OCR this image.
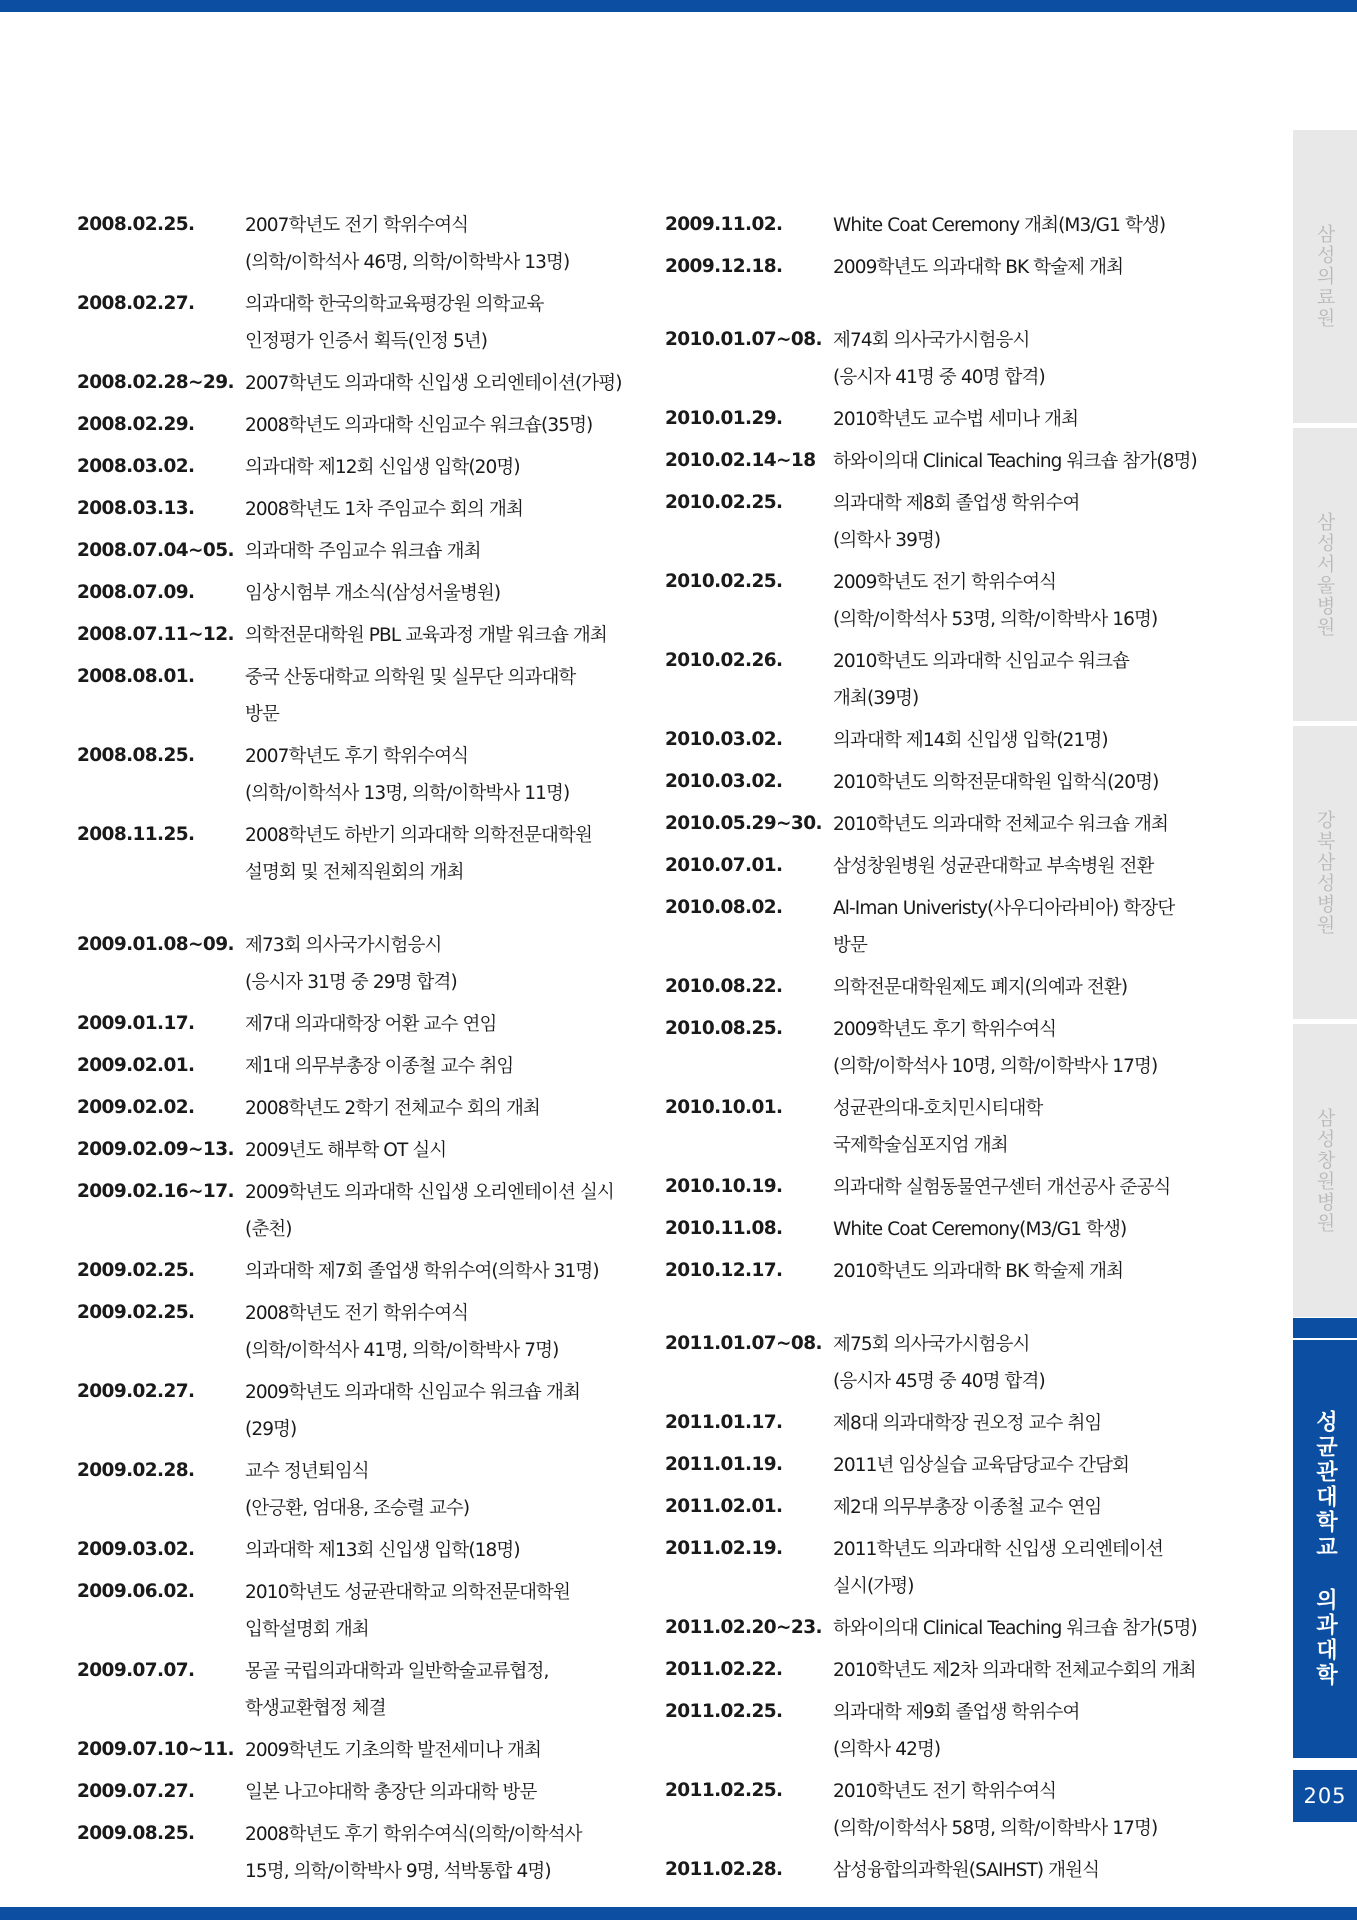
2008.02.25.	2007학년도 전기 학위수여식
(의학/이학석사 46명, 의학/이학박사 13명)
2008.02.27.	의과대학 한국의학교육평강원 의학교육
인정평가 인증서 획득(인정 5년)
2008.02.28~29. 2007학년도 의과대학 신입생 오리엔테이션(가평)
2008.02.29.	2008학년도 의과대학 신임교수 워크숍(35명)
2008.03.02.	의과대학 제12회 신입생 입학(20명)
2008.03.13.	2008학년도 1차 주임교수 회의 개최
2008.07.04~05. 의과대학 주임교수 워크숍 개최
2008.07.09.	임상시험부 개소식(삼성서울병원)
2008.07.11~12. 의학전문대학원 PBL 교육과정 개발 워크숍 개최
2008.08.01.	중국 산동대학교 의학원 및 실무단 의과대학
방문
2008.08.25.	2007학년도 후기 학위수여식
(의학/이학석사 13명, 의학/이학박사 11명)
2008.11.25.	2008학년도 하반기 의과대학 의학전문대학원
설명회 및 전체직원회의 개최
2009.01.08~09. 제73회 의사국가시험응시
(응시자 31명 중 29명 합격)
2009.01.17.	제7대 의과대학장 어환 교수 연임
2009.02.01.	제1대 의무부총장 이종철 교수 취임
2009.02.02.	2008학년도 2학기 전체교수 회의 개최
2009.02.09~13. 2009년도 해부학 OT 실시
2009.02.16~17. 2009학년도 의과대학 신입생 오리엔테이션 실시
(춘천)
2009.02.25.	의과대학 제7회 졸업생 학위수여(의학사 31명)
2009.02.25.	2008학년도 전기 학위수여식
(의학/이학석사 41명, 의학/이학박사 7명)
2009.02.27.	2009학년도 의과대학 신임교수 워크숍 개최
(29명)
2009.02.28.	교수 정년퇴임식
(안긍환, 엄대용, 조승렬 교수)
2009.03.02.	의과대학 제13회 신입생 입학(18명)
2009.06.02.	2010학년도 성균관대학교 의학전문대학원
입학설명회 개최
2009.07.07.	몽골 국립의과대학과 일반학술교류협정,
학생교환협정 체결
2009.07.10~11. 2009학년도 기초의학 발전세미나 개최
2009.07.27.	일본 나고야대학 총장단 의과대학 방문
2009.08.25.	2008학년도 후기 학위수여식(의학/이학석사
15명, 의학/이학박사 9명, 석박통합 4명)
2009.11.02.	White Coat Ceremony 개최(M3/G1 학생)
2009.12.18.	2009학년도 의과대학 BK 학술제 개최
2010.01.07~08. 제74회 의사국가시험응시
(응시자 41명 중 40명 합격)
2010.01.29.	2010학년도 교수법 세미나 개최
2010.02.14~18 하와이의대 Clinical Teaching 워크숍 참가(8명)
2010.02.25.	의과대학 제8회 졸업생 학위수여
(의학사 39명)
2010.02.25.	2009학년도 전기 학위수여식
(의학/이학석사 53명, 의학/이학박사 16명)
2010.02.26.	2010학년도 의과대학 신임교수 워크숍
개최(39명)
2010.03.02.	의과대학 제14회 신입생 입학(21명)
2010.03.02.	2010학년도 의학전문대학원 입학식(20명)
2010.05.29~30. 2010학년도 의과대학 전체교수 워크숍 개최
2010.07.01.	삼성창원병원 성균관대학교 부속병원 전환
2010.08.02.	Al-Iman Univeristy(사우디아라비아) 학장단
방문
2010.08.22.	의학전문대학원제도 폐지(의예과 전환)
2010.08.25.	2009학년도 후기 학위수여식
(의학/이학석사 10명, 의학/이학박사 17명)
2010.10.01.	성균관의대-호치민시티대학
국제학술심포지엄 개최
2010.10.19.	의과대학 실험동물연구센터 개선공사 준공식
2010.11.08.	White Coat Ceremony(M3/G1 학생)
2010.12.17.	2010학년도 의과대학 BK 학술제 개최
2011.01.07~08. 제75회 의사국가시험응시
(응시자 45명 중 40명 합격)
2011.01.17.	제8대 의과대학장 권오정 교수 취임
2011.01.19.	2011년 임상실습 교육담당교수 간담회
2011.02.01.	제2대 의무부총장 이종철 교수 연임
2011.02.19.	2011학년도 의과대학 신입생 오리엔테이션
실시(가평)
2011.02.20~23. 하와이의대 Clinical Teaching 워크숍 참가(5명)
2011.02.22.	2010학년도 제2차 의과대학 전체교수회의 개최
2011.02.25.	의과대학 제9회 졸업생 학위수여
(의학사 42명)
2011.02.25.	2010학년도 전기 학위수여식
(의학/이학석사 58명, 의학/이학박사 17명)
2011.02.28.	삼성융합의과학원(SAIHST) 개원식
삼성의료원
삼성서울병원
강북삼성병원
삼성창원병원
성균관대학교 의과대학
205
